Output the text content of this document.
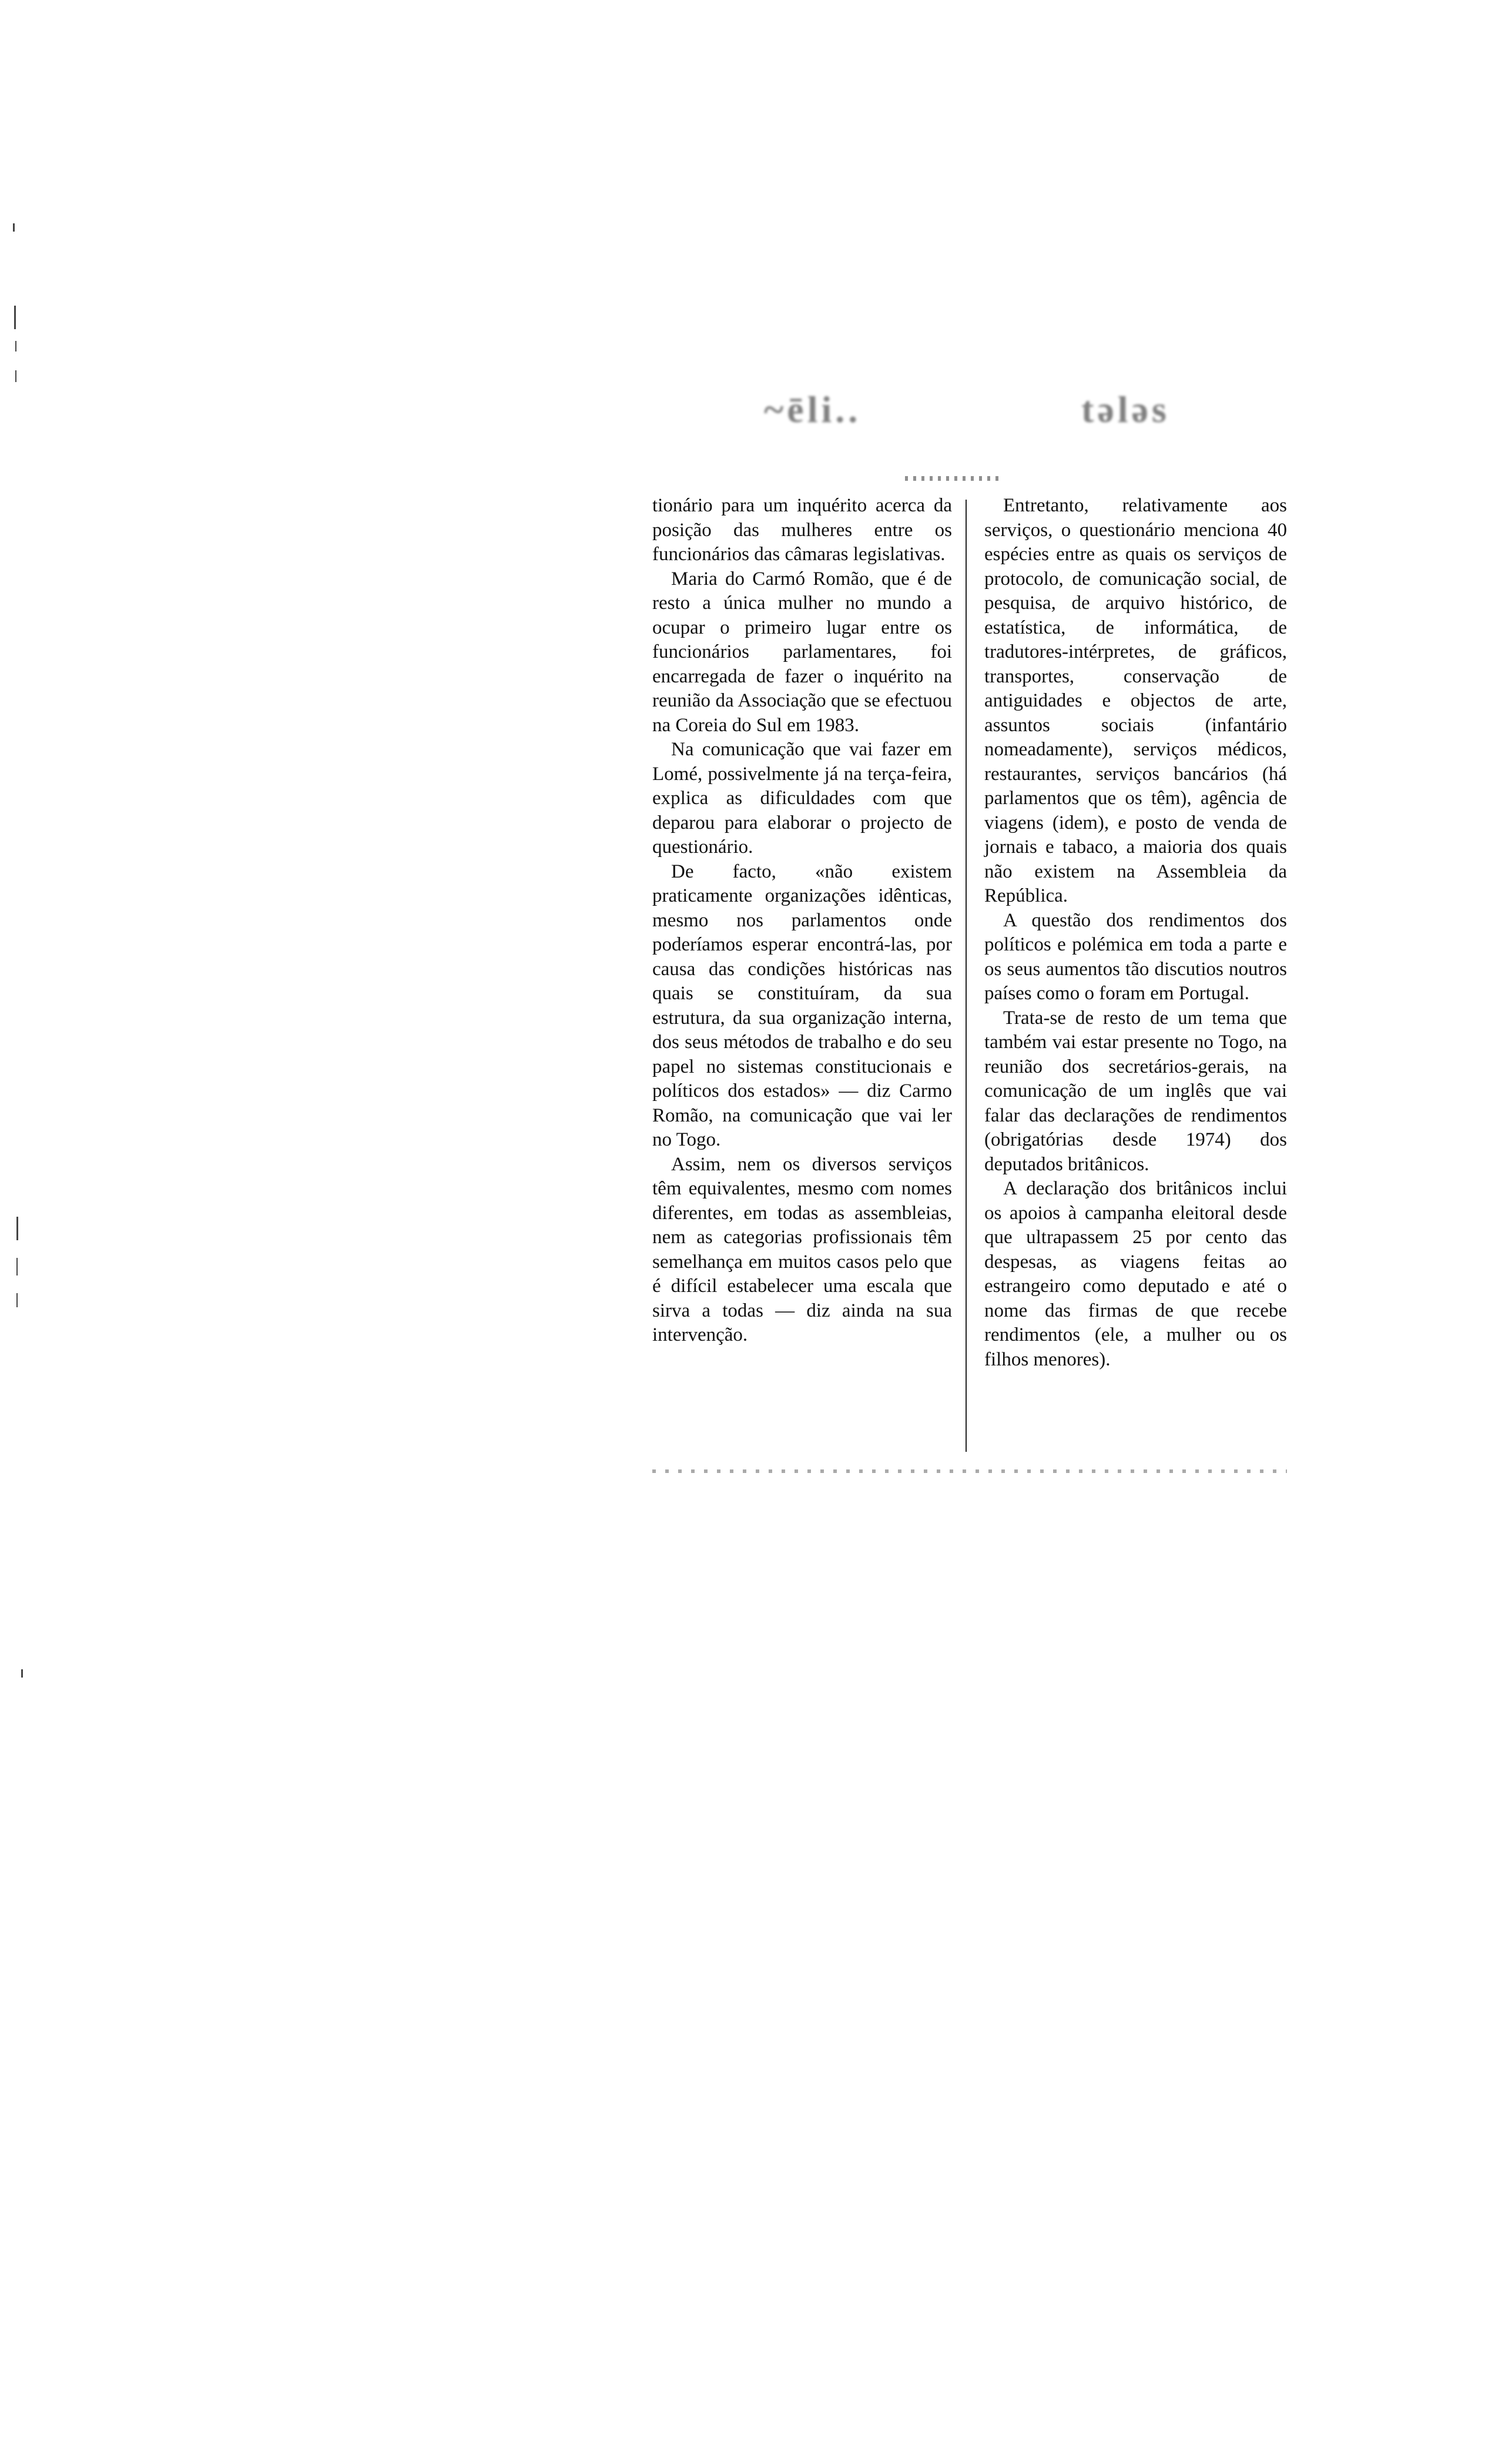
~ēli..	tələs

tionário para um inquérito acerca da posição das mulheres entre os funcionários das câmaras legislativas.

Maria do Carmó Romão, que é de resto a única mulher no mundo a ocupar o primeiro lugar entre os funcionários parlamentares, foi encarregada de fazer o inquérito na reunião da Associação que se efectuou na Coreia do Sul em 1983.

Na comunicação que vai fazer em Lomé, possivelmente já na terça-feira, explica as dificuldades com que deparou para elaborar o projecto de questionário.

De facto, «não existem praticamente organizações idênticas, mesmo nos parlamentos onde poderíamos esperar encontrá-las, por causa das condições históricas nas quais se constituíram, da sua estrutura, da sua organização interna, dos seus métodos de trabalho e do seu papel no sistemas constitucionais e políticos dos estados» — diz Carmo Romão, na comunicação que vai ler no Togo.

Assim, nem os diversos serviços têm equivalentes, mesmo com nomes diferentes, em todas as assembleias, nem as categorias profissionais têm semelhança em muitos casos pelo que é difícil estabelecer uma escala que sirva a todas — diz ainda na sua intervenção.

Entretanto, relativamente aos serviços, o questionário menciona 40 espécies entre as quais os serviços de protocolo, de comunicação social, de pesquisa, de arquivo histórico, de estatística, de informática, de tradutores-intérpretes, de gráficos, transportes, conservação de antiguidades e objectos de arte, assuntos sociais (infantário nomeadamente), serviços médicos, restaurantes, serviços bancários (há parlamentos que os têm), agência de viagens (idem), e posto de venda de jornais e tabaco, a maioria dos quais não existem na Assembleia da República.

A questão dos rendimentos dos políticos e polémica em toda a parte e os seus aumentos tão discutios noutros países como o foram em Portugal.

Trata-se de resto de um tema que também vai estar presente no Togo, na reunião dos secretários-gerais, na comunicação de um inglês que vai falar das declarações de rendimentos (obrigatórias desde 1974) dos deputados britânicos.

A declaração dos britânicos inclui os apoios à campanha eleitoral desde que ultrapassem 25 por cento das despesas, as viagens feitas ao estrangeiro como deputado e até o nome das firmas de que recebe rendimentos (ele, a mulher ou os filhos menores).
